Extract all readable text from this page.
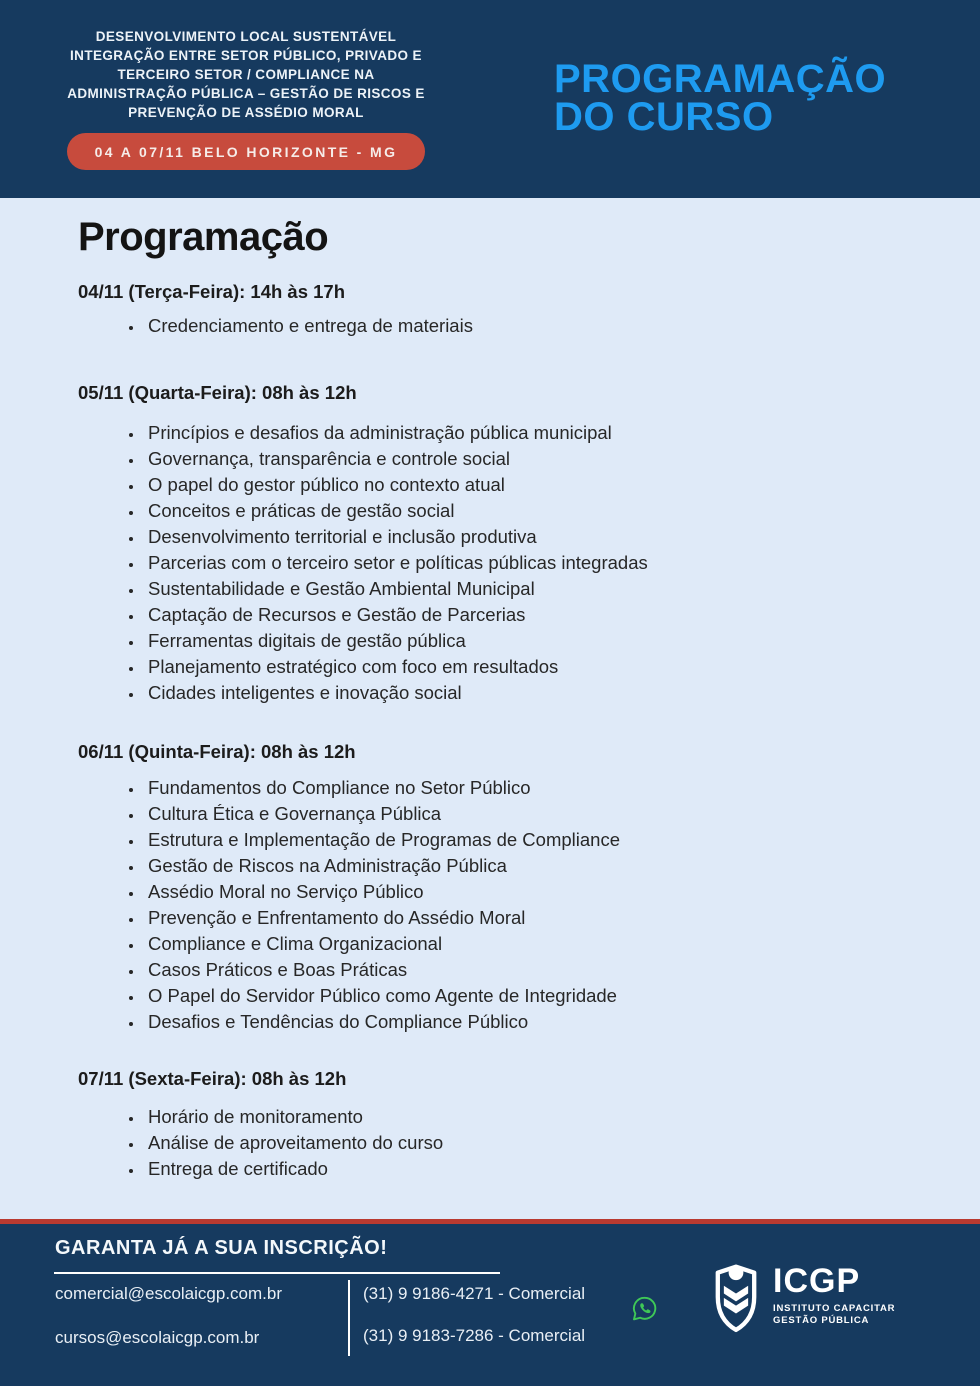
DESENVOLVIMENTO LOCAL SUSTENTÁVEL
INTEGRAÇÃO ENTRE SETOR PÚBLICO, PRIVADO E
TERCEIRO SETOR / COMPLIANCE NA
ADMINISTRAÇÃO PÚBLICA – GESTÃO DE RISCOS E
PREVENÇÃO DE ASSÉDIO MORAL
04 A 07/11 BELO HORIZONTE - MG
PROGRAMAÇÃO
DO CURSO
Programação
04/11 (Terça-Feira): 14h às 17h
• Credenciamento e entrega de materiais
05/11 (Quarta-Feira): 08h às 12h
• Princípios e desafios da administração pública municipal
• Governança, transparência e controle social
• O papel do gestor público no contexto atual
• Conceitos e práticas de gestão social
• Desenvolvimento territorial e inclusão produtiva
• Parcerias com o terceiro setor e políticas públicas integradas
• Sustentabilidade e Gestão Ambiental Municipal
• Captação de Recursos e Gestão de Parcerias
• Ferramentas digitais de gestão pública
• Planejamento estratégico com foco em resultados
• Cidades inteligentes e inovação social
06/11 (Quinta-Feira): 08h às 12h
• Fundamentos do Compliance no Setor Público
• Cultura Ética e Governança Pública
• Estrutura e Implementação de Programas de Compliance
• Gestão de Riscos na Administração Pública
• Assédio Moral no Serviço Público
• Prevenção e Enfrentamento do Assédio Moral
• Compliance e Clima Organizacional
• Casos Práticos e Boas Práticas
• O Papel do Servidor Público como Agente de Integridade
• Desafios e Tendências do Compliance Público
07/11 (Sexta-Feira): 08h às 12h
• Horário de monitoramento
• Análise de aproveitamento do curso
• Entrega de certificado
GARANTA JÁ A SUA INSCRIÇÃO!
comercial@escolaicgp.com.br
cursos@escolaicgp.com.br
(31) 9 9186-4271 - Comercial
(31) 9 9183-7286 - Comercial
ICGP
INSTITUTO CAPACITAR
GESTÃO PÚBLICA
